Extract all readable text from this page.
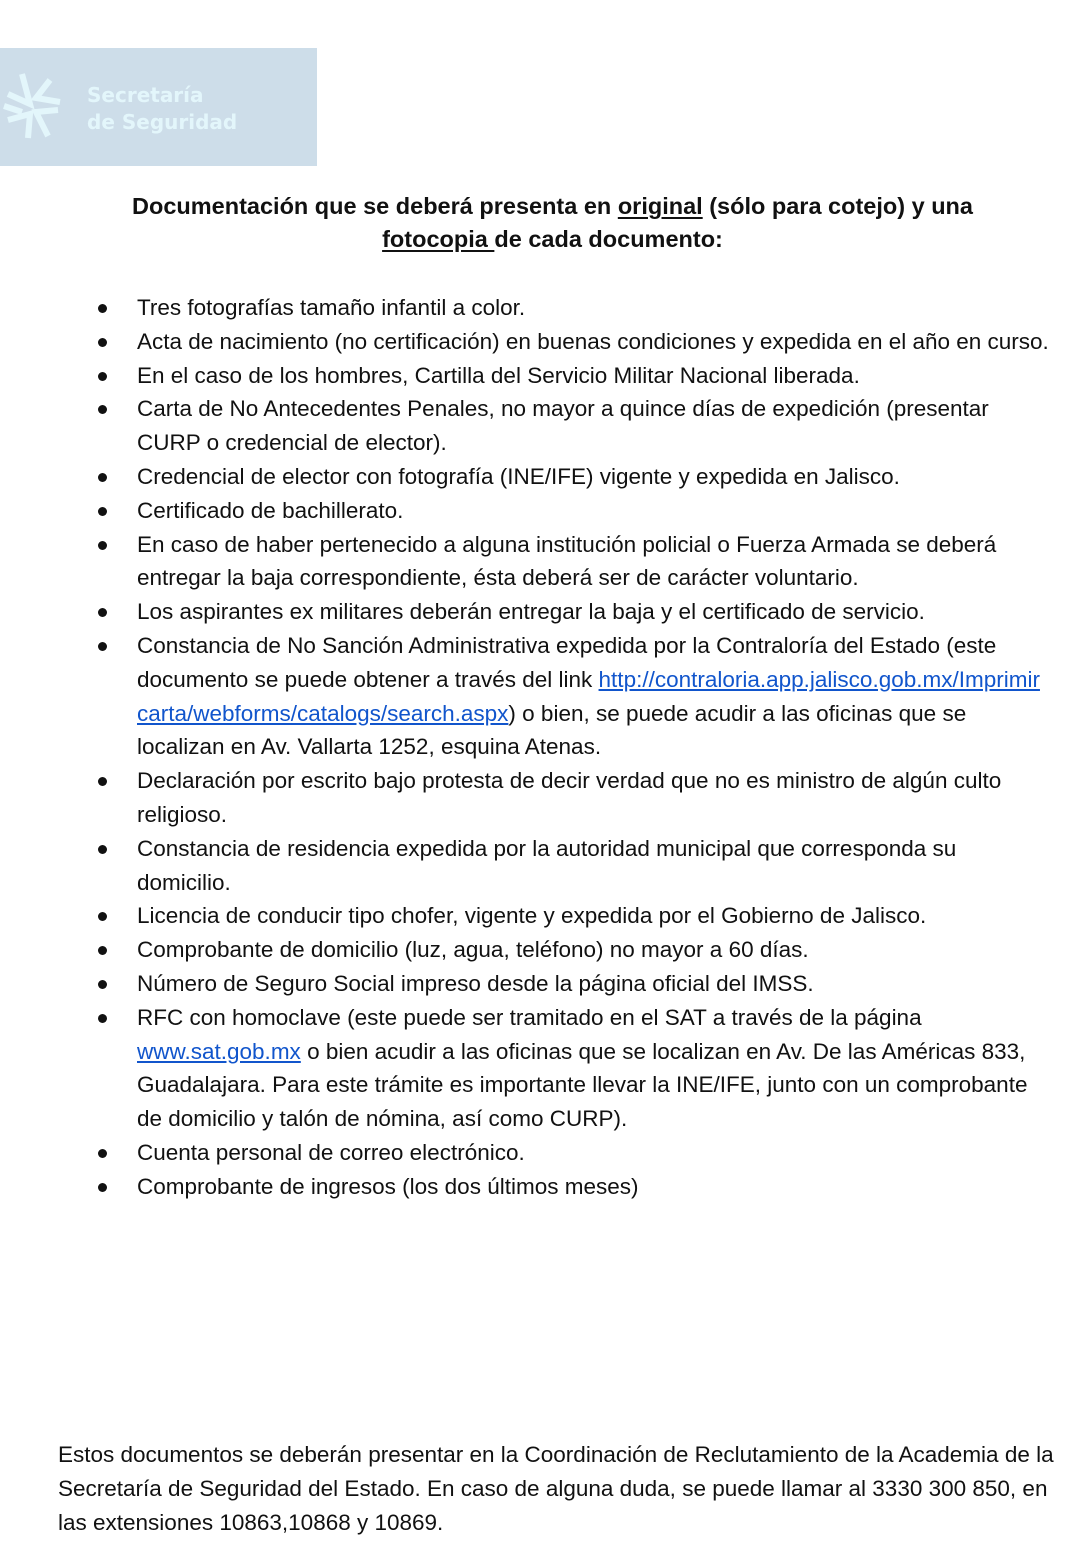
Secretaría
de Seguridad
Documentación que se deberá presenta en original (sólo para cotejo) y una
fotocopia de cada documento:
Tres fotografías tamaño infantil a color.
Acta de nacimiento (no certificación) en buenas condiciones y expedida en el año en curso.
En el caso de los hombres, Cartilla del Servicio Militar Nacional liberada.
Carta de No Antecedentes Penales, no mayor a quince días de expedición (presentar CURP o credencial de elector).
Credencial de elector con fotografía (INE/IFE) vigente y expedida en Jalisco.
Certificado de bachillerato.
En caso de haber pertenecido a alguna institución policial o Fuerza Armada se deberá entregar la baja correspondiente, ésta deberá ser de carácter voluntario.
Los aspirantes ex militares deberán entregar la baja y el certificado de servicio.
Constancia de No Sanción Administrativa expedida por la Contraloría del Estado (este documento se puede obtener a través del link http://contraloria.app.jalisco.gob.mx/Imprimircarta/webforms/catalogs/search.aspx) o bien, se puede acudir a las oficinas que se localizan en Av. Vallarta 1252, esquina Atenas.
Declaración por escrito bajo protesta de decir verdad que no es ministro de algún culto religioso.
Constancia de residencia expedida por la autoridad municipal que corresponda su domicilio.
Licencia de conducir tipo chofer, vigente y expedida por el Gobierno de Jalisco.
Comprobante de domicilio (luz, agua, teléfono) no mayor a 60 días.
Número de Seguro Social impreso desde la página oficial del IMSS.
RFC con homoclave (este puede ser tramitado en el SAT a través de la página www.sat.gob.mx o bien acudir a las oficinas que se localizan en Av. De las Américas 833, Guadalajara. Para este trámite es importante llevar la INE/IFE, junto con un comprobante de domicilio y talón de nómina, así como CURP).
Cuenta personal de correo electrónico.
Comprobante de ingresos (los dos últimos meses)
Estos documentos se deberán presentar en la Coordinación de Reclutamiento de la Academia de la Secretaría de Seguridad del Estado. En caso de alguna duda, se puede llamar al 3330 300 850, en las extensiones 10863,10868 y 10869.
